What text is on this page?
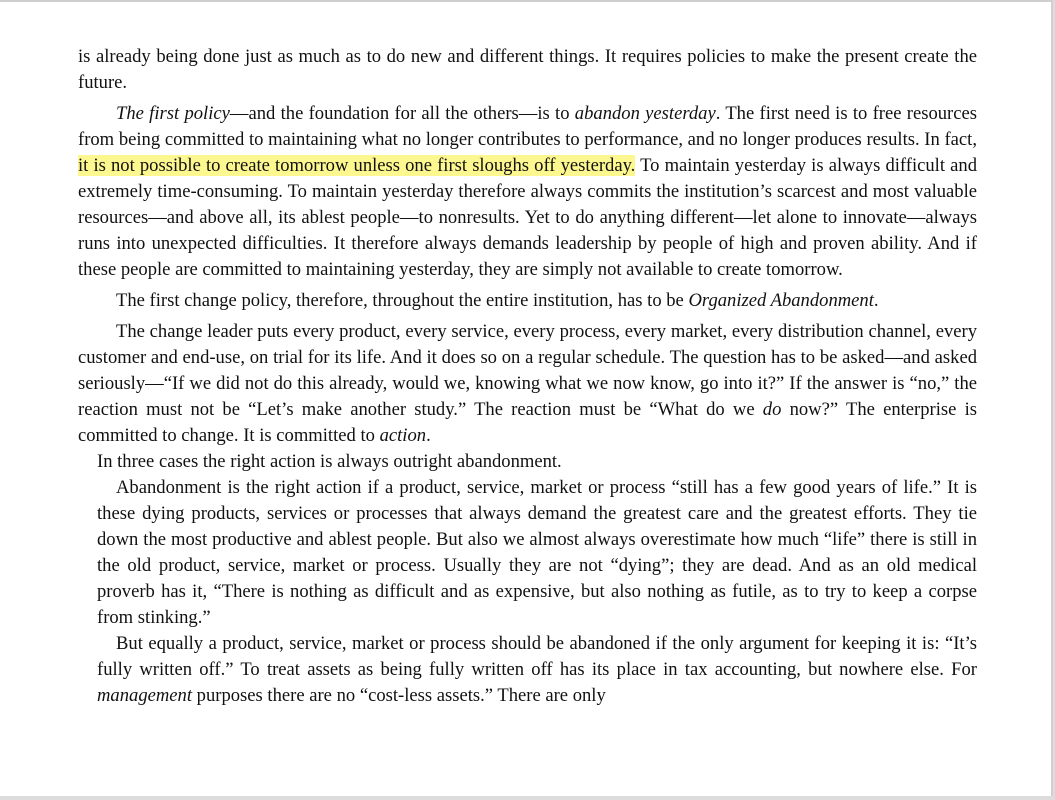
is already being done just as much as to do new and different things. It requires policies to make the present create the future.

The first policy—and the foundation for all the others—is to abandon yesterday. The first need is to free resources from being committed to maintaining what no longer contributes to performance, and no longer produces results. In fact, it is not possible to create tomorrow unless one first sloughs off yesterday. To maintain yesterday is always difficult and extremely time-consuming. To maintain yesterday therefore always commits the institution’s scarcest and most valuable resources—and above all, its ablest people—to nonresults. Yet to do anything different—let alone to innovate—always runs into unexpected difficulties. It therefore always demands leadership by people of high and proven ability. And if these people are committed to maintaining yesterday, they are simply not available to create tomorrow.

The first change policy, therefore, throughout the entire institution, has to be Organized Abandonment.

The change leader puts every product, every service, every process, every market, every distribution channel, every customer and end-use, on trial for its life. And it does so on a regular schedule. The question has to be asked—and asked seriously—“If we did not do this already, would we, knowing what we now know, go into it?” If the answer is “no,” the reaction must not be “Let’s make another study.” The reaction must be “What do we do now?” The enterprise is committed to change. It is committed to action.

In three cases the right action is always outright abandonment.

Abandonment is the right action if a product, service, market or process “still has a few good years of life.” It is these dying products, services or processes that always demand the greatest care and the greatest efforts. They tie down the most productive and ablest people. But also we almost always overestimate how much “life” there is still in the old product, service, market or process. Usually they are not “dying”; they are dead. And as an old medical proverb has it, “There is nothing as difficult and as expensive, but also nothing as futile, as to try to keep a corpse from stinking.”

But equally a product, service, market or process should be abandoned if the only argument for keeping it is: “It’s fully written off.” To treat assets as being fully written off has its place in tax accounting, but nowhere else. For management purposes there are no “cost-less assets.” There are only
